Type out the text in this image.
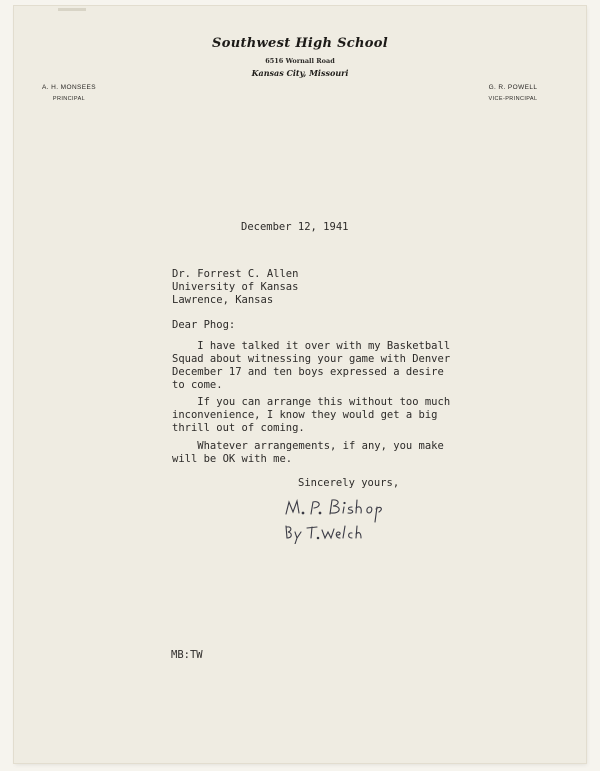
Southwest High School
6516 Wornall Road
Kansas City, Missouri
A. H. MONSEES
PRINCIPAL
G. R. POWELL
VICE-PRINCIPAL
December 12, 1941
Dr. Forrest C. Allen
University of Kansas
Lawrence, Kansas
Dear Phog:
I have talked it over with my Basketball
Squad about witnessing your game with Denver
December 17 and ten boys expressed a desire
to come.
If you can arrange this without too much
inconvenience, I know they would get a big
thrill out of coming.
Whatever arrangements, if any, you make
will be OK with me.
Sincerely yours,
MB:TW
